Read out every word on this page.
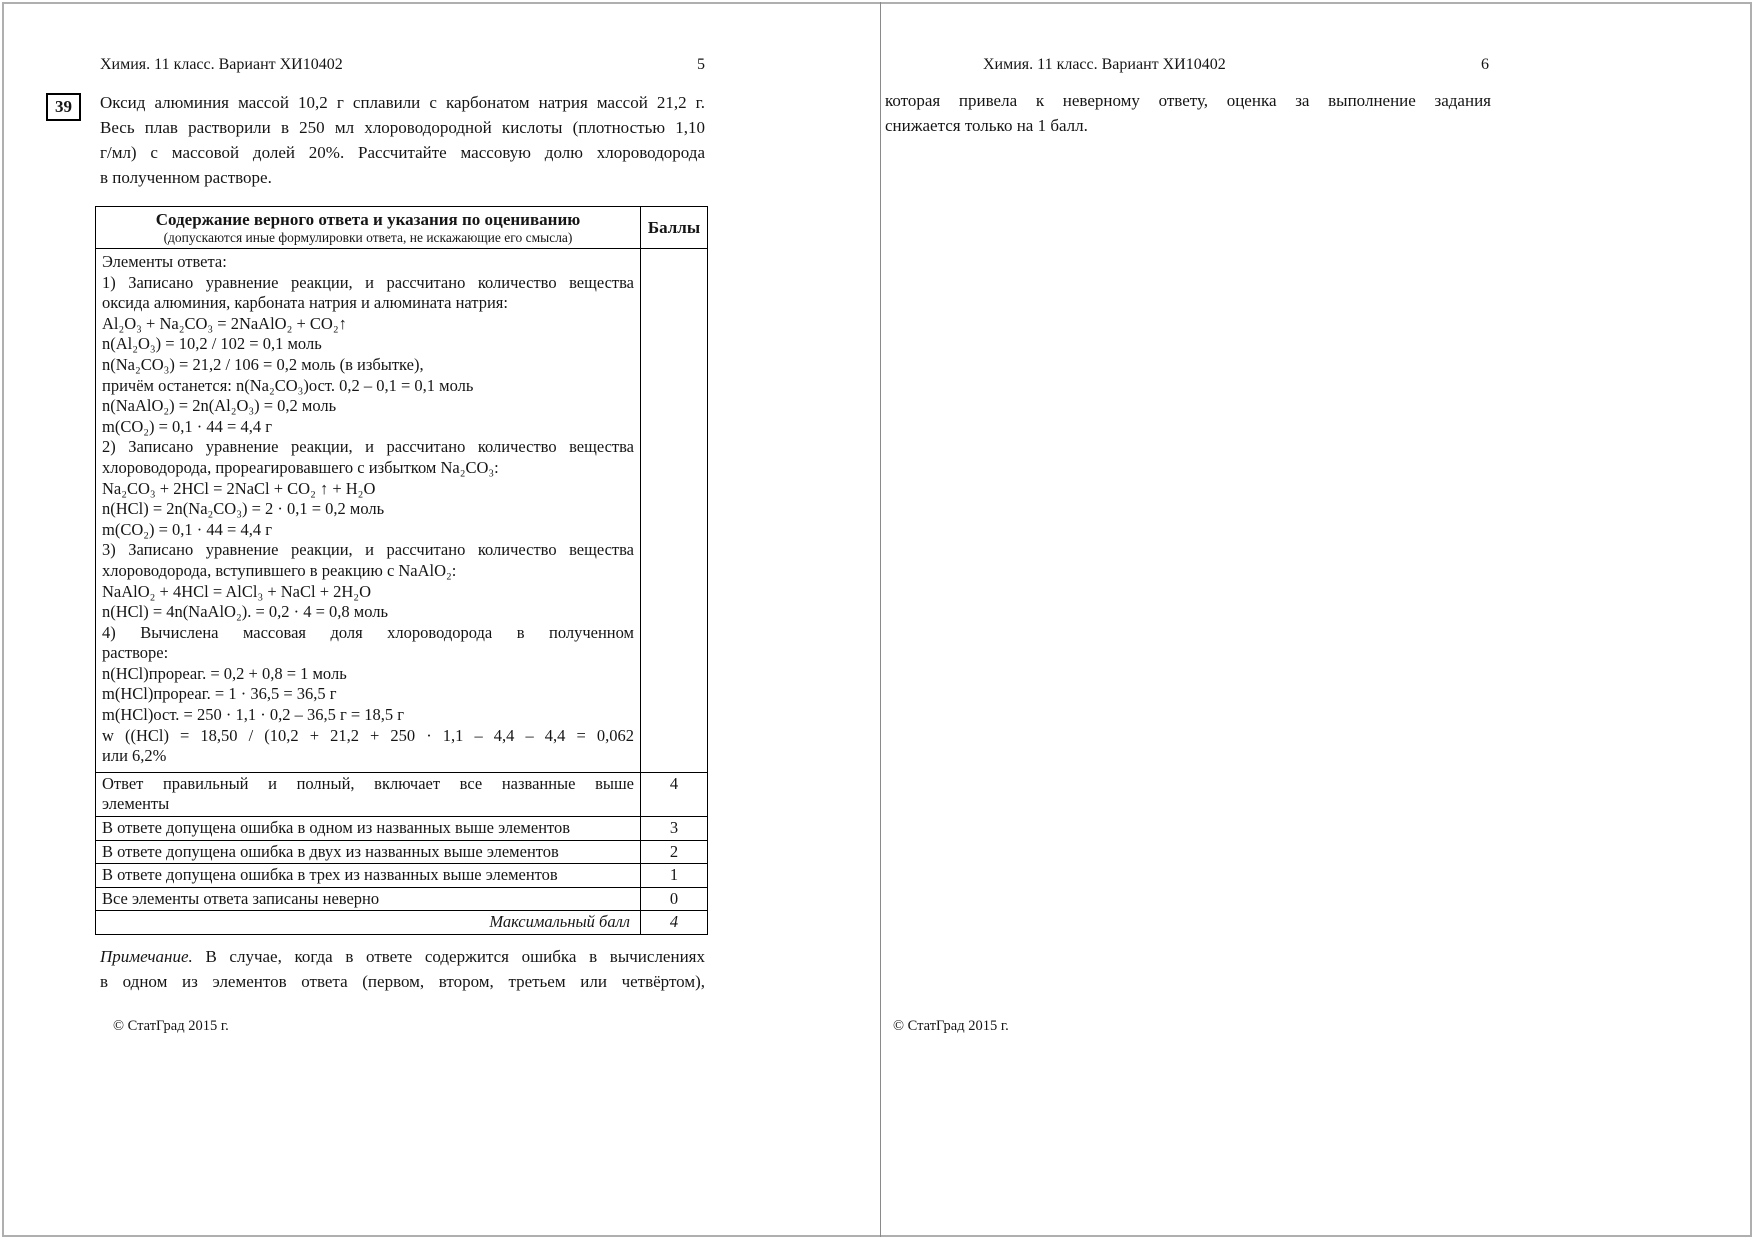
Химия. 11 класс. Вариант ХИ10402	5
39	Оксид алюминия массой 10,2 г сплавили с карбонатом натрия массой 21,2 г.
Весь плав растворили в 250 мл хлороводородной кислоты (плотностью 1,10
г/мл) с массовой долей 20%. Рассчитайте массовую долю хлороводорода
в полученном растворе.
Содержание верного ответа и указания по оцениванию
(допускаются иные формулировки ответа, не искажающие его смысла)	Баллы

Элементы ответа:
1) Записано уравнение реакции, и рассчитано количество вещества
оксида алюминия, карбоната натрия и алюмината натрия:
Al₂O₃ + Na₂CO₃ = 2NaAlO₂ + CO₂↑
n(Al₂O₃) = 10,2 / 102 = 0,1 моль
n(Na₂CO₃) = 21,2 / 106 = 0,2 моль (в избытке),
причём останется: n(Na₂CO₃)ост. 0,2 – 0,1 = 0,1 моль
n(NaAlO₂) = 2n(Al₂O₃) = 0,2 моль
m(CO₂) = 0,1 · 44 = 4,4 г
2) Записано уравнение реакции, и рассчитано количество вещества
хлороводорода, прореагировавшего с избытком Na₂CO₃:
Na₂CO₃ + 2HCl = 2NaCl + CO₂ ↑ + H₂O
n(HCl) = 2n(Na₂CO₃) = 2 · 0,1 = 0,2 моль
m(CO₂) = 0,1 · 44 = 4,4 г
3) Записано уравнение реакции, и рассчитано количество вещества
хлороводорода, вступившего в реакцию с NaAlO₂:
NaAlO₂ + 4HCl = AlCl₃ + NaCl + 2H₂O
n(HCl) = 4n(NaAlO₂). = 0,2 · 4 = 0,8 моль
4) Вычислена массовая доля хлороводорода в полученном
растворе:
n(HCl)прореаг. = 0,2 + 0,8 = 1 моль
m(HCl)прореаг. = 1 · 36,5 = 36,5 г
m(HCl)ост. = 250 · 1,1 · 0,2 – 36,5 г = 18,5 г
w ((HCl) = 18,50 / (10,2 + 21,2 + 250 · 1,1 – 4,4 – 4,4 = 0,062
или 6,2%

Ответ правильный и полный, включает все названные выше
элементы	4

В ответе допущена ошибка в одном из названных выше элементов	3

В ответе допущена ошибка в двух из названных выше элементов	2

В ответе допущена ошибка в трех из названных выше элементов	1

Все элементы ответа записаны неверно	0
Максимальный балл	4
Примечание. В случае, когда в ответе содержится ошибка в вычислениях
в одном из элементов ответа (первом, втором, третьем или четвёртом),
© СтатГрад 2015 г.
Химия. 11 класс. Вариант ХИ10402	6
которая привела к неверному ответу, оценка за выполнение задания
снижается только на 1 балл.
© СтатГрад 2015 г.
